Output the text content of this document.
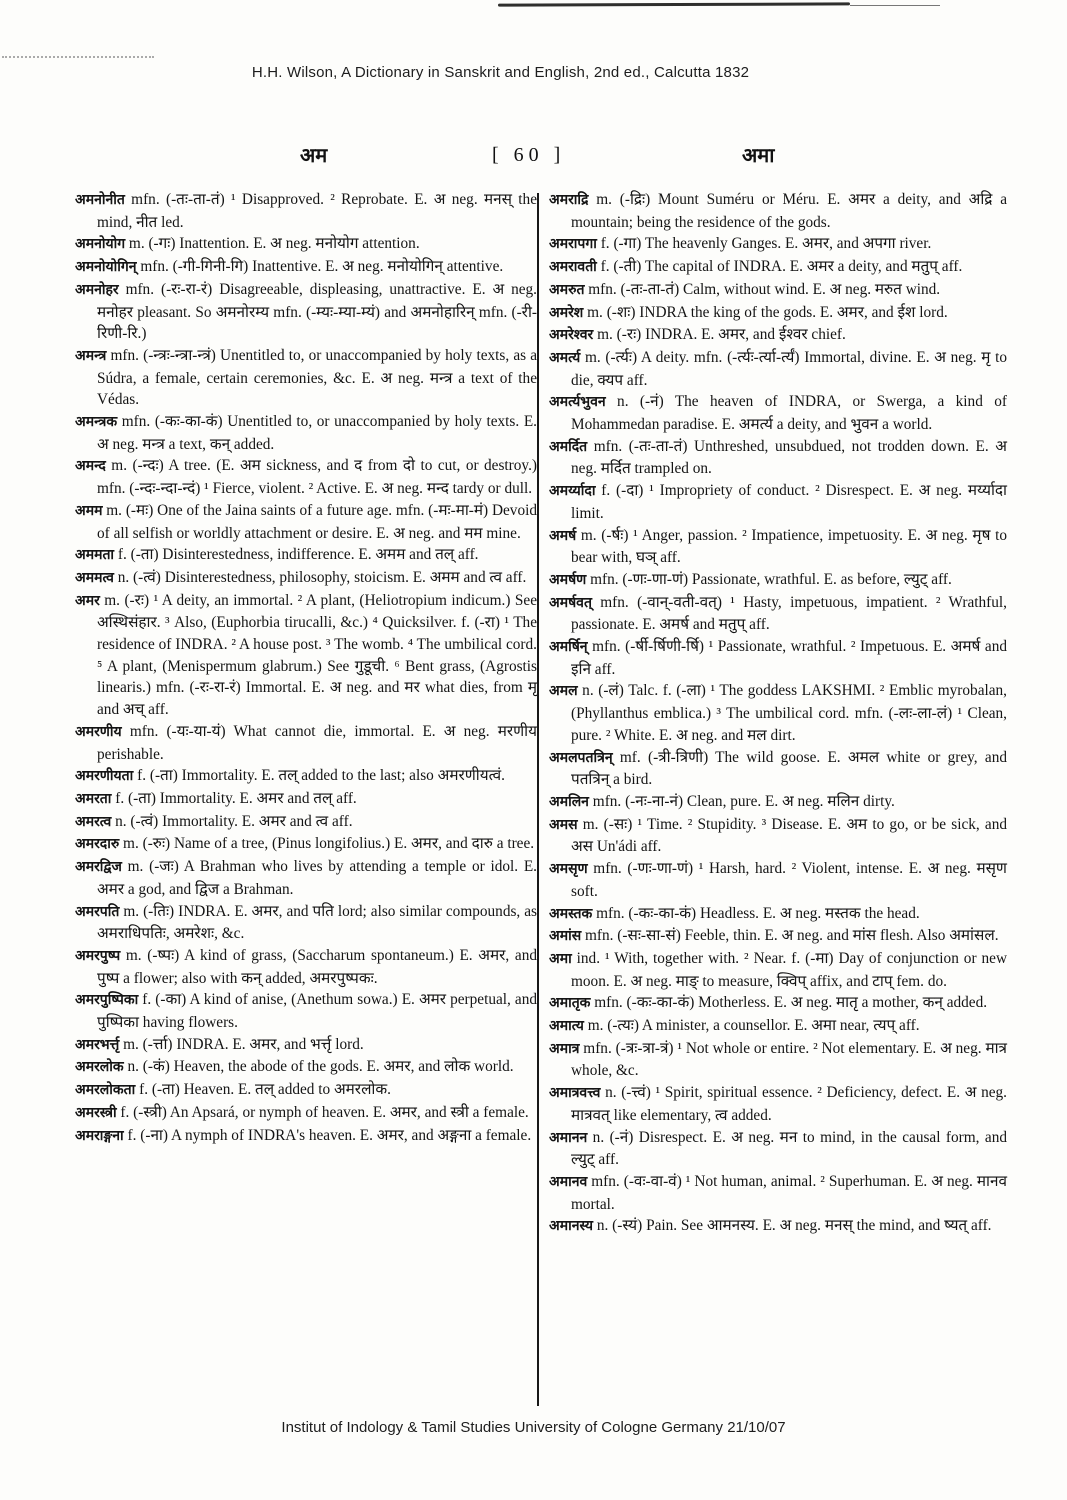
H.H. Wilson, A Dictionary in Sanskrit and English, 2nd ed., Calcutta 1832
अम	[ 60 ]	अमा

अमनोनीत mfn. (-तः-ता-तं) ¹ Disapproved. ² Reprobate. E. अ neg. मनस् the mind, नीत led.

अमनोयोग m. (-गः) Inattention. E. अ neg. मनोयोग attention.

अमनोयोगिन् mfn. (-गी-गिनी-गि) Inattentive. E. अ neg. मनोयोगिन् attentive.

अमनोहर mfn. (-रः-रा-रं) Disagreeable, displeasing, unattractive. E. अ neg. मनोहर pleasant. So अमनोरम्य mfn. (-म्यः-म्या-म्यं) and अमनोहारिन् mfn. (-री-रिणी-रि.)

अमन्त्र mfn. (-न्त्रः-न्त्रा-न्त्रं) Unentitled to, or unaccompanied by holy texts, as a Súdra, a female, certain ceremonies, &c. E. अ neg. मन्त्र a text of the Védas.

अमन्त्रक mfn. (-कः-का-कं) Unentitled to, or unaccompanied by holy texts. E. अ neg. मन्त्र a text, कन् added.

अमन्द m. (-न्दः) A tree. (E. अम sickness, and द from दो to cut, or destroy.) mfn. (-न्दः-न्दा-न्दं) ¹ Fierce, violent. ² Active. E. अ neg. मन्द tardy or dull.

अमम m. (-मः) One of the Jaina saints of a future age. mfn. (-मः-मा-मं) Devoid of all selfish or worldly attachment or desire. E. अ neg. and मम mine.

अममता f. (-ता) Disinterestedness, indifference. E. अमम and तल् aff.

अममत्व n. (-त्वं) Disinterestedness, philosophy, stoicism. E. अमम and त्व aff.

अमर m. (-रः) ¹ A deity, an immortal. ² A plant, (Heliotropium indicum.) See अस्थिसंहार. ³ Also, (Euphorbia tirucalli, &c.) ⁴ Quicksilver. f. (-रा) ¹ The residence of INDRA. ² A house post. ³ The womb. ⁴ The umbilical cord. ⁵ A plant, (Menispermum glabrum.) See गुडूची. ⁶ Bent grass, (Agrostis linearis.) mfn. (-रः-रा-रं) Immortal. E. अ neg. and मर what dies, from मृ and अच् aff.

अमरणीय mfn. (-यः-या-यं) What cannot die, immortal. E. अ neg. मरणीय perishable.

अमरणीयता f. (-ता) Immortality. E. तल् added to the last; also अमरणीयत्वं.

अमरता f. (-ता) Immortality. E. अमर and तल् aff.

अमरत्व n. (-त्वं) Immortality. E. अमर and त्व aff.

अमरदारु m. (-रुः) Name of a tree, (Pinus longifolius.) E. अमर, and दारु a tree.

अमरद्विज m. (-जः) A Brahman who lives by attending a temple or idol. E. अमर a god, and द्विज a Brahman.

अमरपति m. (-तिः) INDRA. E. अमर, and पति lord; also similar compounds, as अमराधिपतिः, अमरेशः, &c.

अमरपुष्प m. (-ष्पः) A kind of grass, (Saccharum spontaneum.) E. अमर, and पुष्प a flower; also with कन् added, अमरपुष्पकः.

अमरपुष्पिका f. (-का) A kind of anise, (Anethum sowa.) E. अमर perpetual, and पुष्पिका having flowers.

अमरभर्त्तृ m. (-र्त्ता) INDRA. E. अमर, and भर्त्तृ lord.

अमरलोक n. (-कं) Heaven, the abode of the gods. E. अमर, and लोक world.

अमरलोकता f. (-ता) Heaven. E. तल् added to अमरलोक.

अमरस्त्री f. (-स्त्री) An Apsará, or nymph of heaven. E. अमर, and स्त्री a female.

अमराङ्गना f. (-ना) A nymph of INDRA's heaven. E. अमर, and अङ्गना a female.

अमराद्रि m. (-द्रिः) Mount Suméru or Méru. E. अमर a deity, and अद्रि a mountain; being the residence of the gods.

अमरापगा f. (-गा) The heavenly Ganges. E. अमर, and अपगा river.

अमरावती f. (-ती) The capital of INDRA. E. अमर a deity, and मतुप् aff.

अमरुत mfn. (-तः-ता-तं) Calm, without wind. E. अ neg. मरुत wind.

अमरेश m. (-शः) INDRA the king of the gods. E. अमर, and ईश lord.

अमरेश्वर m. (-रः) INDRA. E. अमर, and ईश्वर chief.

अमर्त्य m. (-र्त्यः) A deity. mfn. (-र्त्यः-र्त्या-र्त्यं) Immortal, divine. E. अ neg. मृ to die, क्यप aff.

अमर्त्यभुवन n. (-नं) The heaven of INDRA, or Swerga, a kind of Mohammedan paradise. E. अमर्त्य a deity, and भुवन a world.

अमर्दित mfn. (-तः-ता-तं) Unthreshed, unsubdued, not trodden down. E. अ neg. मर्दित trampled on.

अमर्य्यादा f. (-दा) ¹ Impropriety of conduct. ² Disrespect. E. अ neg. मर्य्यादा limit.

अमर्ष m. (-र्षः) ¹ Anger, passion. ² Impatience, impetuosity. E. अ neg. मृष to bear with, घञ् aff.

अमर्षण mfn. (-णः-णा-णं) Passionate, wrathful. E. as before, ल्युट् aff.

अमर्षवत् mfn. (-वान्-वती-वत्) ¹ Hasty, impetuous, impatient. ² Wrathful, passionate. E. अमर्ष and मतुप् aff.

अमर्षिन् mfn. (-र्षी-र्षिणी-र्षि) ¹ Passionate, wrathful. ² Impetuous. E. अमर्ष and इनि aff.

अमल n. (-लं) Talc. f. (-ला) ¹ The goddess LAKSHMI. ² Emblic myrobalan, (Phyllanthus emblica.) ³ The umbilical cord. mfn. (-लः-ला-लं) ¹ Clean, pure. ² White. E. अ neg. and मल dirt.

अमलपतत्रिन् mf. (-त्री-त्रिणी) The wild goose. E. अमल white or grey, and पतत्रिन् a bird.

अमलिन mfn. (-नः-ना-नं) Clean, pure. E. अ neg. मलिन dirty.

अमस m. (-सः) ¹ Time. ² Stupidity. ³ Disease. E. अम to go, or be sick, and अस Un'ádi aff.

अमसृण mfn. (-णः-णा-णं) ¹ Harsh, hard. ² Violent, intense. E. अ neg. मसृण soft.

अमस्तक mfn. (-कः-का-कं) Headless. E. अ neg. मस्तक the head.

अमांस mfn. (-सः-सा-सं) Feeble, thin. E. अ neg. and मांस flesh. Also अमांसल.

अमा ind. ¹ With, together with. ² Near. f. (-मा) Day of conjunction or new moon. E. अ neg. माङ् to measure, क्विप् affix, and टाप् fem. do.

अमातृक mfn. (-कः-का-कं) Motherless. E. अ neg. मातृ a mother, कन् added.

अमात्य m. (-त्यः) A minister, a counsellor. E. अमा near, त्यप् aff.

अमात्र mfn. (-त्रः-त्रा-त्रं) ¹ Not whole or entire. ² Not elementary. E. अ neg. मात्र whole, &c.

अमात्रवत्त्व n. (-त्त्वं) ¹ Spirit, spiritual essence. ² Deficiency, defect. E. अ neg. मात्रवत् like elementary, त्व added.

अमानन n. (-नं) Disrespect. E. अ neg. मन to mind, in the causal form, and ल्युट् aff.

अमानव mfn. (-वः-वा-वं) ¹ Not human, animal. ² Superhuman. E. अ neg. मानव mortal.

अमानस्य n. (-स्यं) Pain. See आमनस्य. E. अ neg. मनस् the mind, and ष्यत् aff.

Institut of Indology & Tamil Studies University of Cologne Germany 21/10/07
